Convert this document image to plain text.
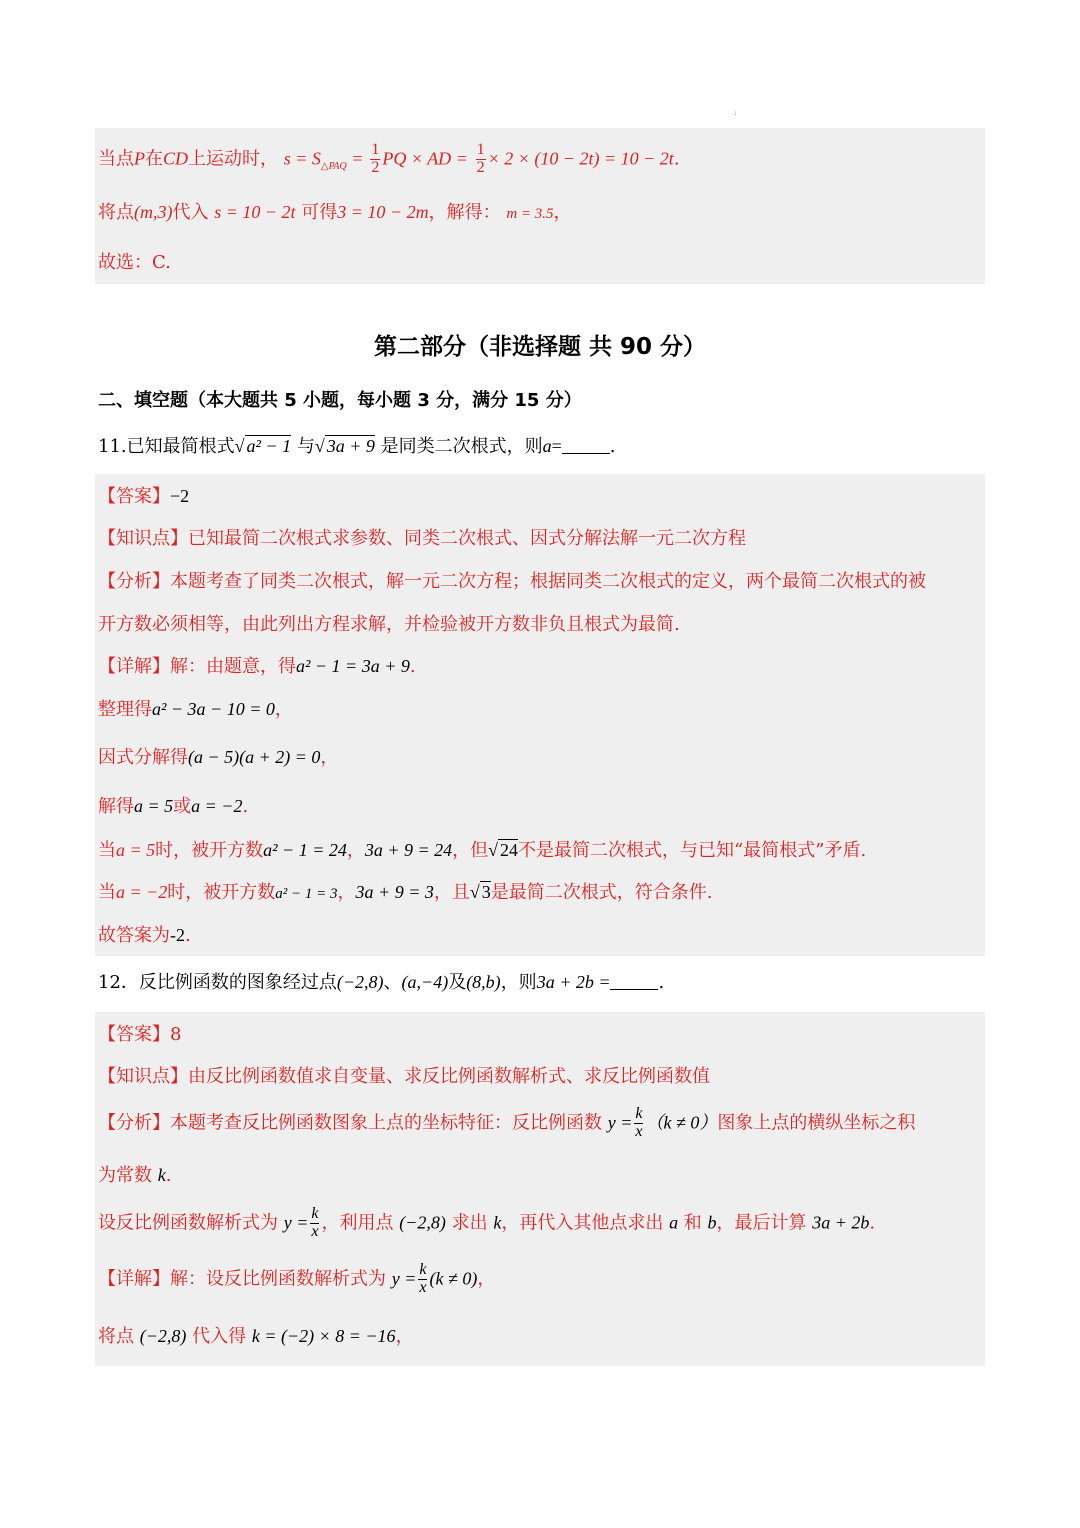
:
当点P在CD上运动时， $s = S_{\triangle PAQ} = \frac{1}{2}$ PQ × AD = $\frac{1}{2} \times 2 \times (10 - 2t) = 10 - 2t$.
将点(m,3)代入 s = 10 − 2t 可得3 = 10 − 2m，解得： m = 3.5，
故选：C.
第二部分（非选择题 共 90 分）
二、填空题（本大题共 5 小题，每小题 3 分，满分 15 分）
11.已知最简根式√ a² − 1 与√ 3a + 9 是同类二次根式，则a=	.
【答案】−2
【知识点】已知最简二次根式求参数、同类二次根式、因式分解法解一元二次方程
【分析】本题考查了同类二次根式，解一元二次方程；根据同类二次根式的定义，两个最简二次根式的被
开方数必须相等，由此列出方程求解，并检验被开方数非负且根式为最简.
【详解】解：由题意，得a² − 1 = 3a + 9.
整理得a² − 3a − 10 = 0，
因式分解得(a − 5)(a + 2) = 0，
解得a = 5或a = −2.
当a = 5时，被开方数a² − 1 = 24，3a + 9 = 24，但√ 24不是最简二次根式，与已知“最简根式”矛盾.
当a = −2时，被开方数a² − 1 = 3，3a + 9 = 3，且√ 3是最简二次根式，符合条件.
故答案为-2.
12．反比例函数的图象经过点(−2,8)、(a,−4)及(8,b)，则3a + 2b =	.
【答案】8
【知识点】由反比例函数值求自变量、求反比例函数解析式、求反比例函数值
【分析】本题考查反比例函数图象上点的坐标特征：反比例函数 $y = \frac{k}{x} (k \ne 0)$图象上点的横纵坐标之积
为常数 k.
设反比例函数解析式为 $y = \frac{k}{x}$ ，利用点 (−2,8) 求出 k，再代入其他点求出 a 和 b，最后计算 3a + 2b.
【详解】解：设反比例函数解析式为 $y = \frac{k}{x} (k \ne 0)$，
将点 (−2,8) 代入得 k = (−2) × 8 = −16，
